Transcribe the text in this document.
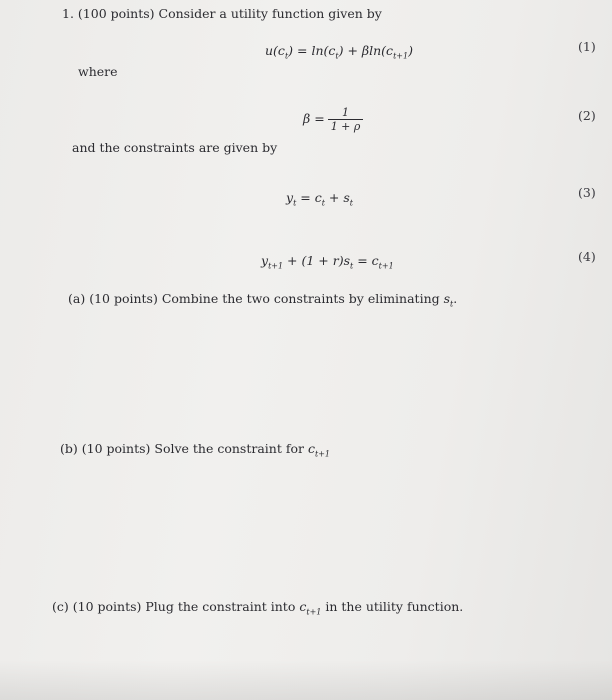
1. (100 points) Consider a utility function given by
$u(c_t) = \ln(c_t) + \beta\ln(c_{t+1})$	(1)
where
$\beta = \frac{1}{1 + \rho}$	(2)
and the constraints are given by
$y_t = c_t + s_t$
(3)
$y_{t+1} + (1 + r)s_t = c_{t+1}$
(4)
(a) (10 points) Combine the two constraints by eliminating $s_t$.
(b) (10 points) Solve the constraint for $c_{t+1}$
(c) (10 points) Plug the constraint into $c_{t+1}$ in the utility function.
